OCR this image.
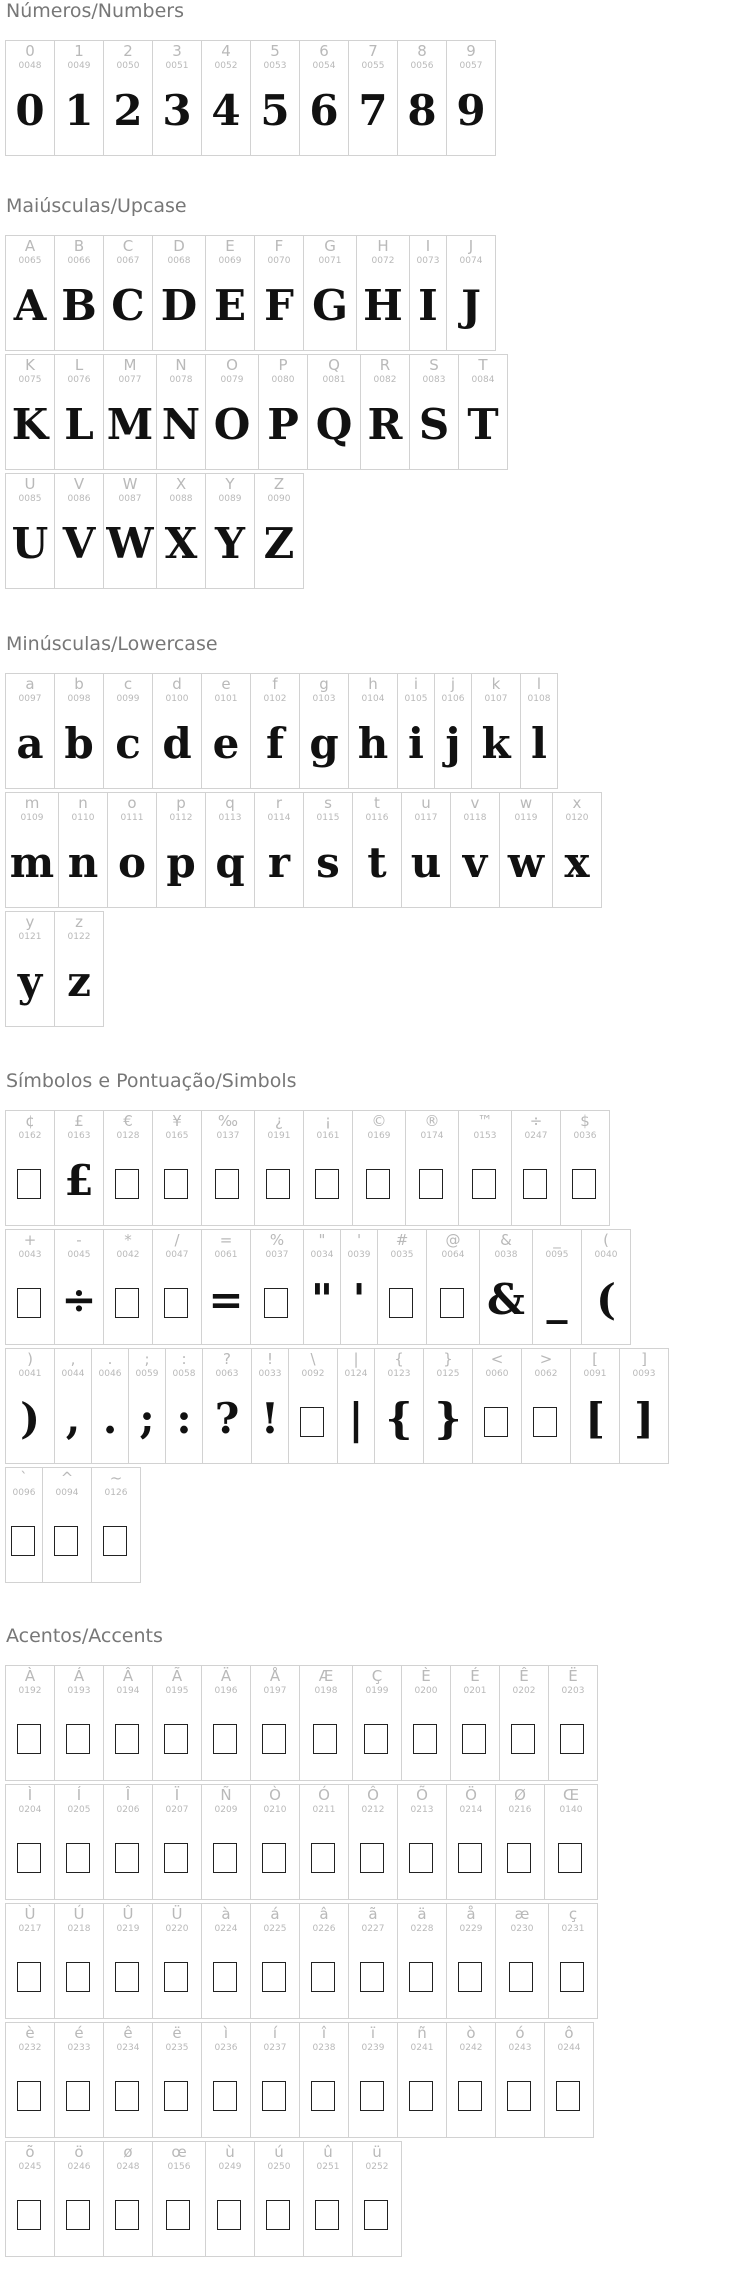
Números/Numbers
0
0048
0
1
0049
1
2
0050
2
3
0051
3
4
0052
4
5
0053
5
6
0054
6
7
0055
7
8
0056
8
9
0057
9
Maiúsculas/Upcase
A
0065
A
B
0066
B
C
0067
C
D
0068
D
E
0069
E
F
0070
F
G
0071
G
H
0072
H
I
0073
I
J
0074
J
K
0075
K
L
0076
L
M
0077
M
N
0078
N
O
0079
O
P
0080
P
Q
0081
Q
R
0082
R
S
0083
S
T
0084
T
U
0085
U
V
0086
V
W
0087
W
X
0088
X
Y
0089
Y
Z
0090
Z
Minúsculas/Lowercase
a
0097
a
b
0098
b
c
0099
c
d
0100
d
e
0101
e
f
0102
f
g
0103
g
h
0104
h
i
0105
i
j
0106
j
k
0107
k
l
0108
l
m
0109
m
n
0110
n
o
0111
o
p
0112
p
q
0113
q
r
0114
r
s
0115
s
t
0116
t
u
0117
u
v
0118
v
w
0119
w
x
0120
x
y
0121
y
z
0122
z
Símbolos e Pontuação/Simbols
¢
0162
£
0163
£
€
0128
¥
0165
‰
0137
¿
0191
¡
0161
©
0169
®
0174
™
0153
÷
0247
$
0036
+
0043
-
0045
÷
*
0042
/
0047
=
0061
=
%
0037
"
0034
"
'
0039
'
#
0035
@
0064
&
0038
&
_
0095
_
(
0040
(
)
0041
)
,
0044
,
.
0046
.
;
0059
;
:
0058
:
?
0063
?
!
0033
!
\
0092
|
0124
|
{
0123
{
}
0125
}
<
0060
>
0062
[
0091
[
]
0093
]
`
0096
^
0094
~
0126
Acentos/Accents
À
0192
Á
0193
Â
0194
Ã
0195
Ä
0196
Å
0197
Æ
0198
Ç
0199
È
0200
É
0201
Ê
0202
Ë
0203
Ì
0204
Í
0205
Î
0206
Ï
0207
Ñ
0209
Ò
0210
Ó
0211
Ô
0212
Õ
0213
Ö
0214
Ø
0216
Œ
0140
Ù
0217
Ú
0218
Û
0219
Ü
0220
à
0224
á
0225
â
0226
ã
0227
ä
0228
å
0229
æ
0230
ç
0231
è
0232
é
0233
ê
0234
ë
0235
ì
0236
í
0237
î
0238
ï
0239
ñ
0241
ò
0242
ó
0243
ô
0244
õ
0245
ö
0246
ø
0248
œ
0156
ù
0249
ú
0250
û
0251
ü
0252
